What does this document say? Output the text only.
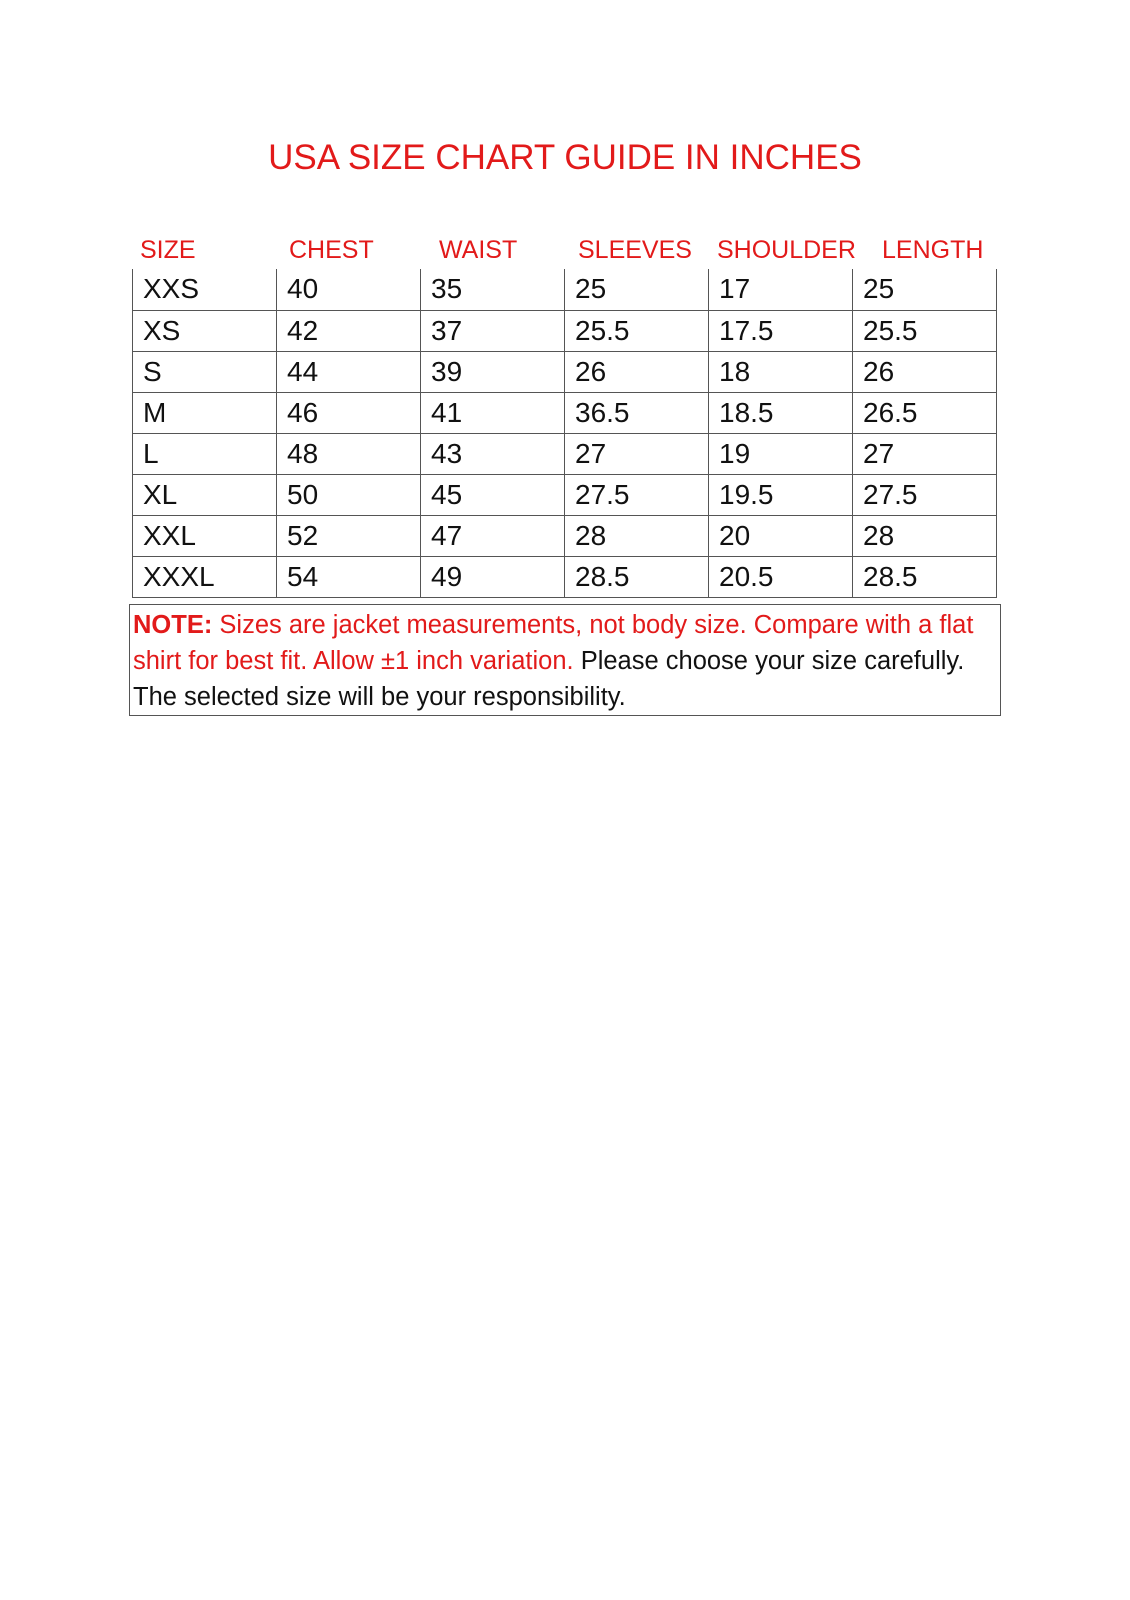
USA SIZE CHART GUIDE IN INCHES
SIZE	CHEST	WAIST SLEEVES SHOULDER LENGTH
XXS	40	35	25	17	25
XS	42	37	25.5	17.5	25.5
S	44	39	26	18	26
M	46	41	36.5	18.5	26.5
L	48	43	27	19	27
XL	50	45	27.5	19.5	27.5
XXL	52	47	28	20	28
XXXL	54	49	28.5	20.5	28.5
NOTE: Sizes are jacket measurements, not body size. Compare with a flat shirt for best fit. Allow ±1 inch variation. Please choose your size carefully. The selected size will be your responsibility.
